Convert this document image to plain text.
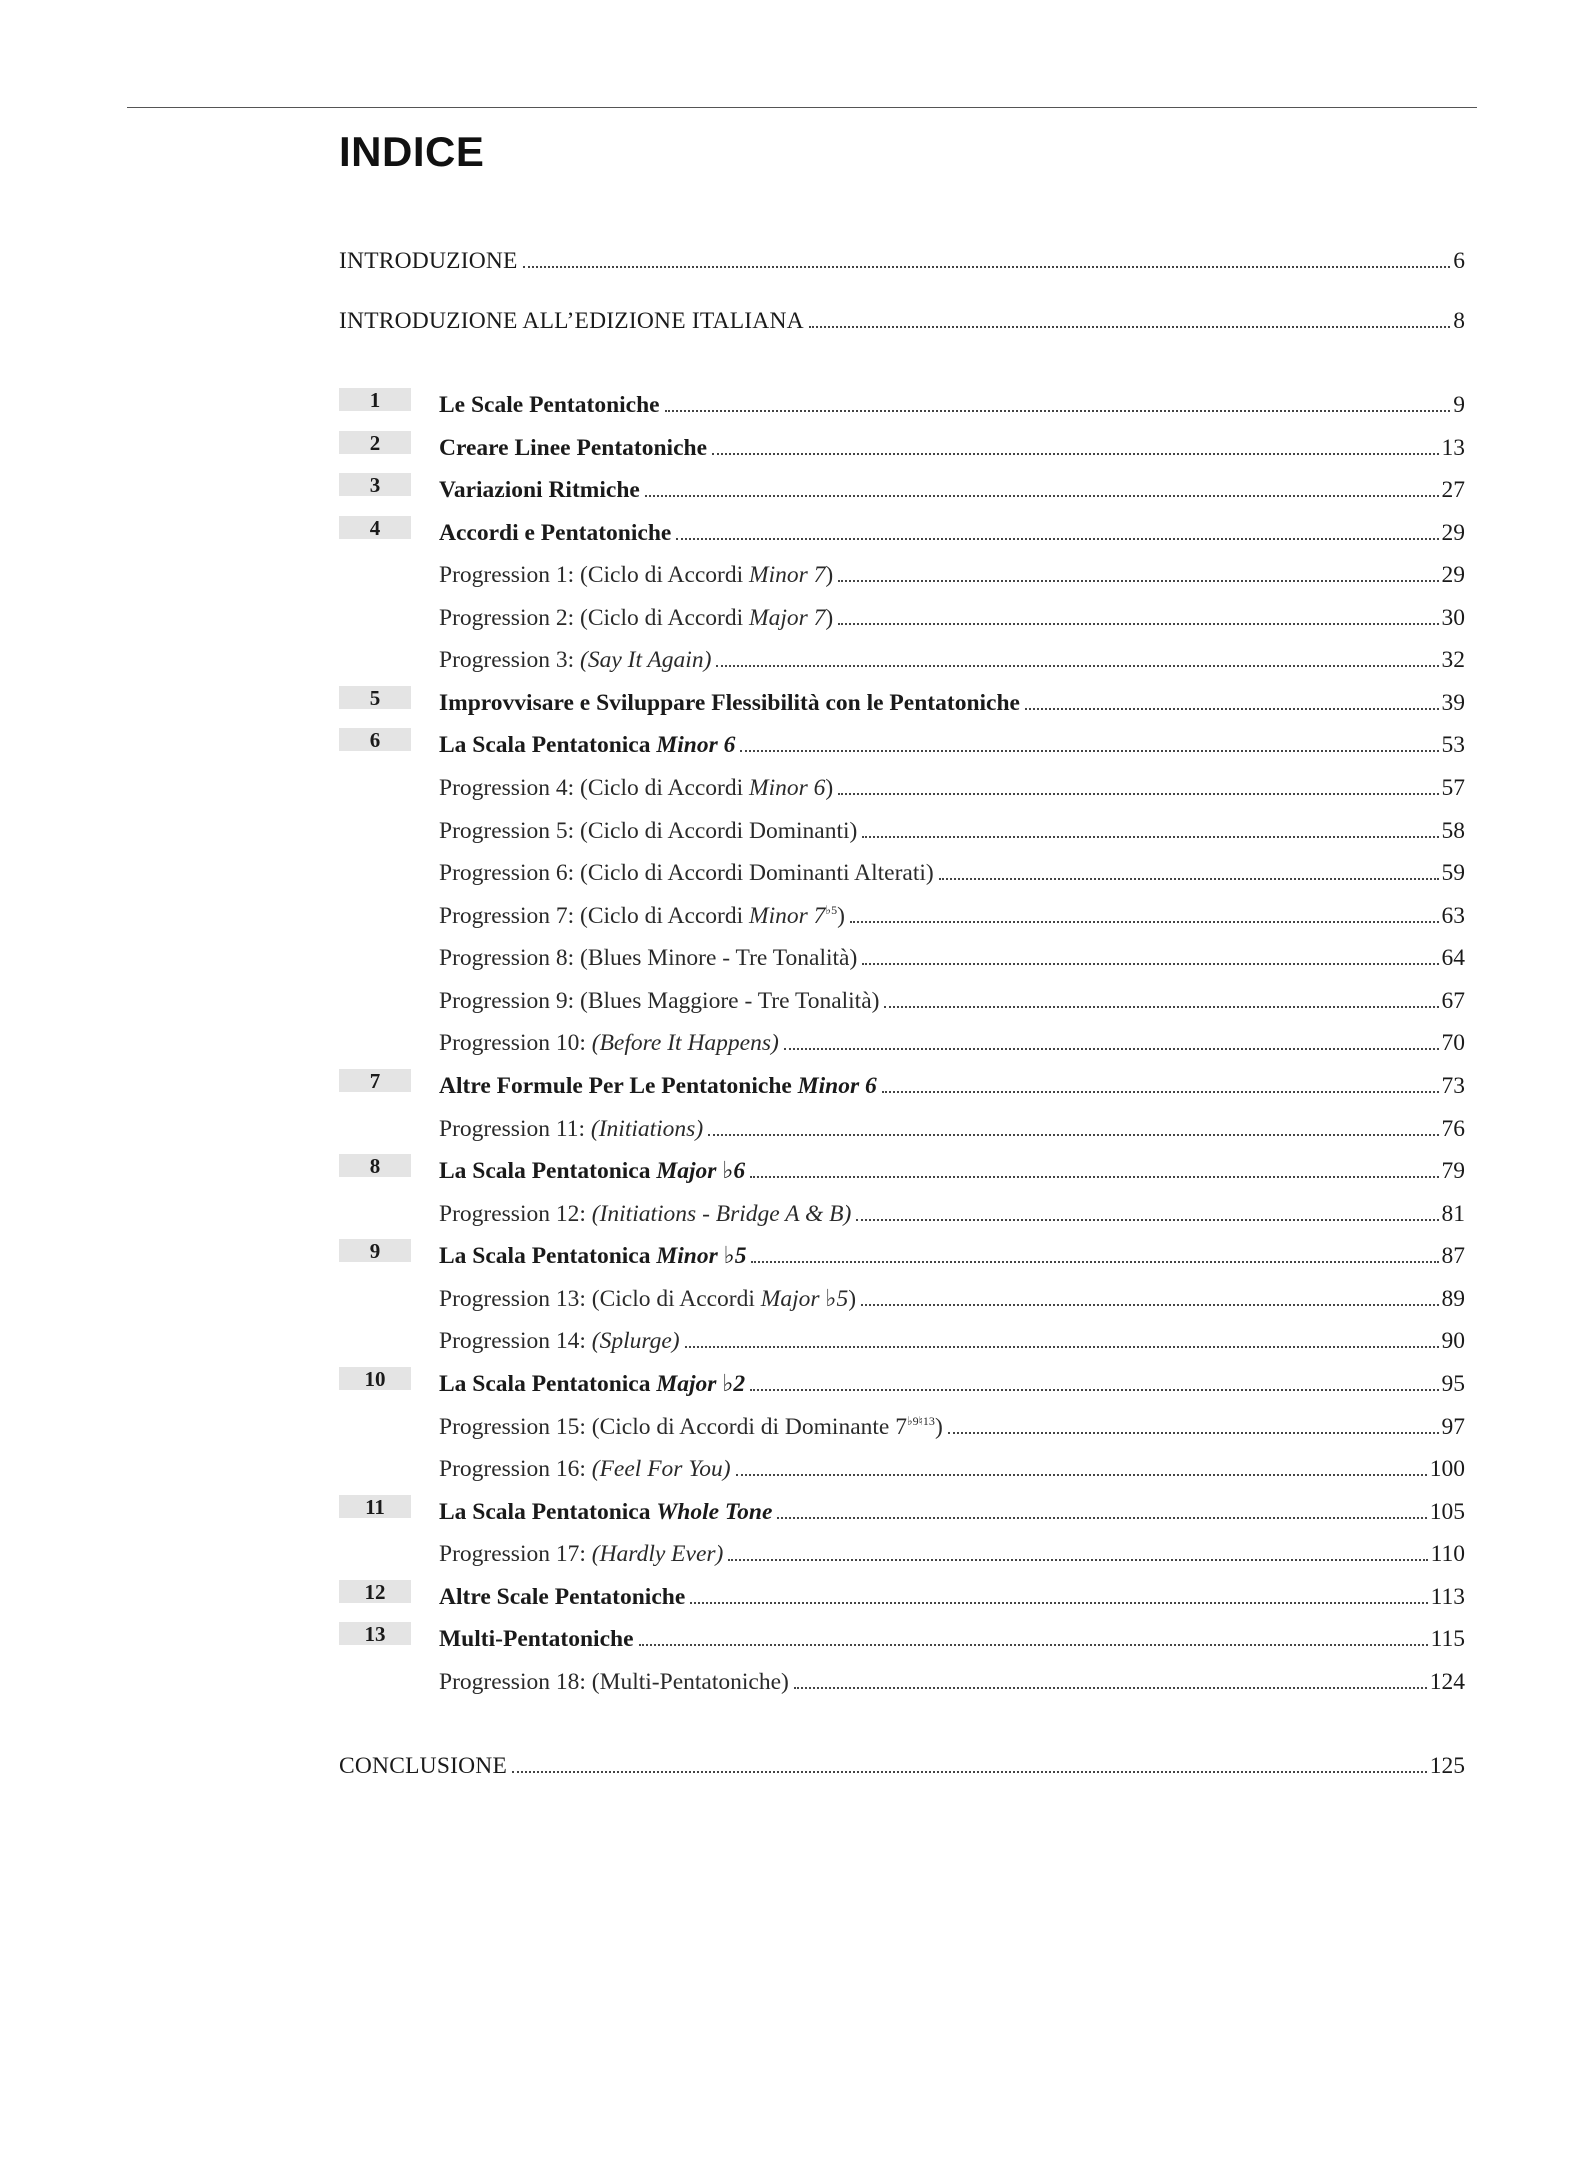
INDICE
INTRODUZIONE	6
INTRODUZIONE ALL’EDIZIONE ITALIANA	8
1	Le Scale Pentatoniche	9
2	Creare Linee Pentatoniche	13
3	Variazioni Ritmiche	27
4	Accordi e Pentatoniche	29
Progression 1: (Ciclo di Accordi Minor 7)	29
Progression 2: (Ciclo di Accordi Major 7)	30
Progression 3: (Say It Again)	32
5	Improvvisare e Sviluppare Flessibilità con le Pentatoniche	39
6	La Scala Pentatonica Minor 6	53
Progression 4: (Ciclo di Accordi Minor 6)	57
Progression 5: (Ciclo di Accordi Dominanti)	58
Progression 6: (Ciclo di Accordi Dominanti Alterati)	59
Progression 7: (Ciclo di Accordi Minor $7^{♭5}$)	63
Progression 8: (Blues Minore - Tre Tonalità)	64
Progression 9: (Blues Maggiore - Tre Tonalità)	67
Progression 10: (Before It Happens)	70
7	Altre Formule Per Le Pentatoniche Minor 6	73
Progression 11: (Initiations)	76
8	La Scala Pentatonica Major ♭6	79
Progression 12: (Initiations - Bridge A & B)	81
9	La Scala Pentatonica Minor ♭5	87
Progression 13: (Ciclo di Accordi Major ♭5)	89
Progression 14: (Splurge)	90
10	La Scala Pentatonica Major ♭2	95
Progression 15: (Ciclo di Accordi di Dominante $7^{♭9♮13}$)	97
Progression 16: (Feel For You)	100
11	La Scala Pentatonica Whole Tone	105
Progression 17: (Hardly Ever)	110
12	Altre Scale Pentatoniche	113
13	Multi-Pentatoniche	115
Progression 18: (Multi-Pentatoniche)	124
CONCLUSIONE	125
